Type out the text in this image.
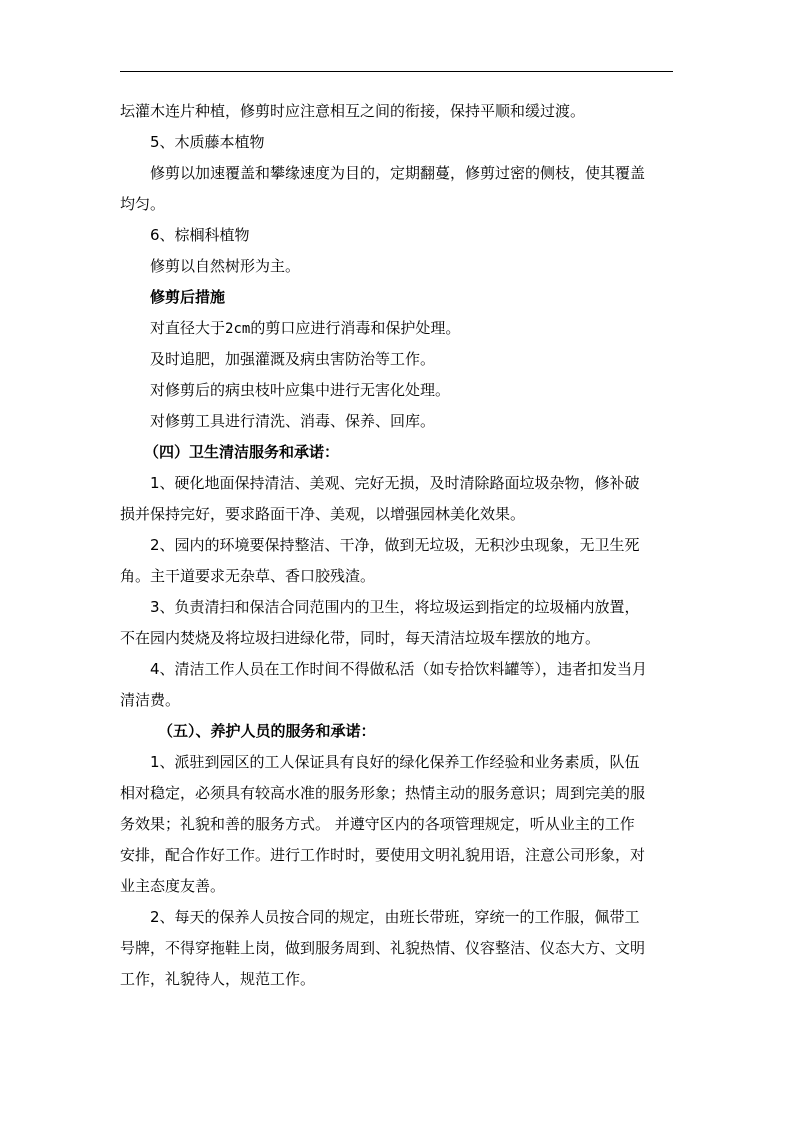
坛灌木连片种植，修剪时应注意相互之间的衔接，保持平顺和缓过渡。
5、木质藤本植物
修剪以加速覆盖和攀缘速度为目的，定期翻蔓，修剪过密的侧枝，使其覆盖
均匀。
6、棕榈科植物
修剪以自然树形为主。
修剪后措施
对直径大于2cm的剪口应进行消毒和保护处理。
及时追肥，加强灌溉及病虫害防治等工作。
对修剪后的病虫枝叶应集中进行无害化处理。
对修剪工具进行清洗、消毒、保养、回库。
（四）卫生清洁服务和承诺：
1、硬化地面保持清洁、美观、完好无损，及时清除路面垃圾杂物，修补破
损并保持完好，要求路面干净、美观，以增强园林美化效果。
2、园内的环境要保持整洁、干净，做到无垃圾，无积沙虫现象，无卫生死
角。主干道要求无杂草、香口胶残渣。
3、负责清扫和保洁合同范围内的卫生，将垃圾运到指定的垃圾桶内放置，
不在园内焚烧及将垃圾扫进绿化带，同时，每天清洁垃圾车摆放的地方。
4、清洁工作人员在工作时间不得做私活（如专拾饮料罐等），违者扣发当月
清洁费。
（五）、养护人员的服务和承诺：
1、派驻到园区的工人保证具有良好的绿化保养工作经验和业务素质，队伍
相对稳定，必须具有较高水准的服务形象；热情主动的服务意识；周到完美的服
务效果；礼貌和善的服务方式。 并遵守区内的各项管理规定，听从业主的工作
安排，配合作好工作。进行工作时时，要使用文明礼貌用语，注意公司形象，对
业主态度友善。
2、每天的保养人员按合同的规定，由班长带班，穿统一的工作服，佩带工
号牌，不得穿拖鞋上岗，做到服务周到、礼貌热情、仪容整洁、仪态大方、文明
工作，礼貌待人，规范工作。
